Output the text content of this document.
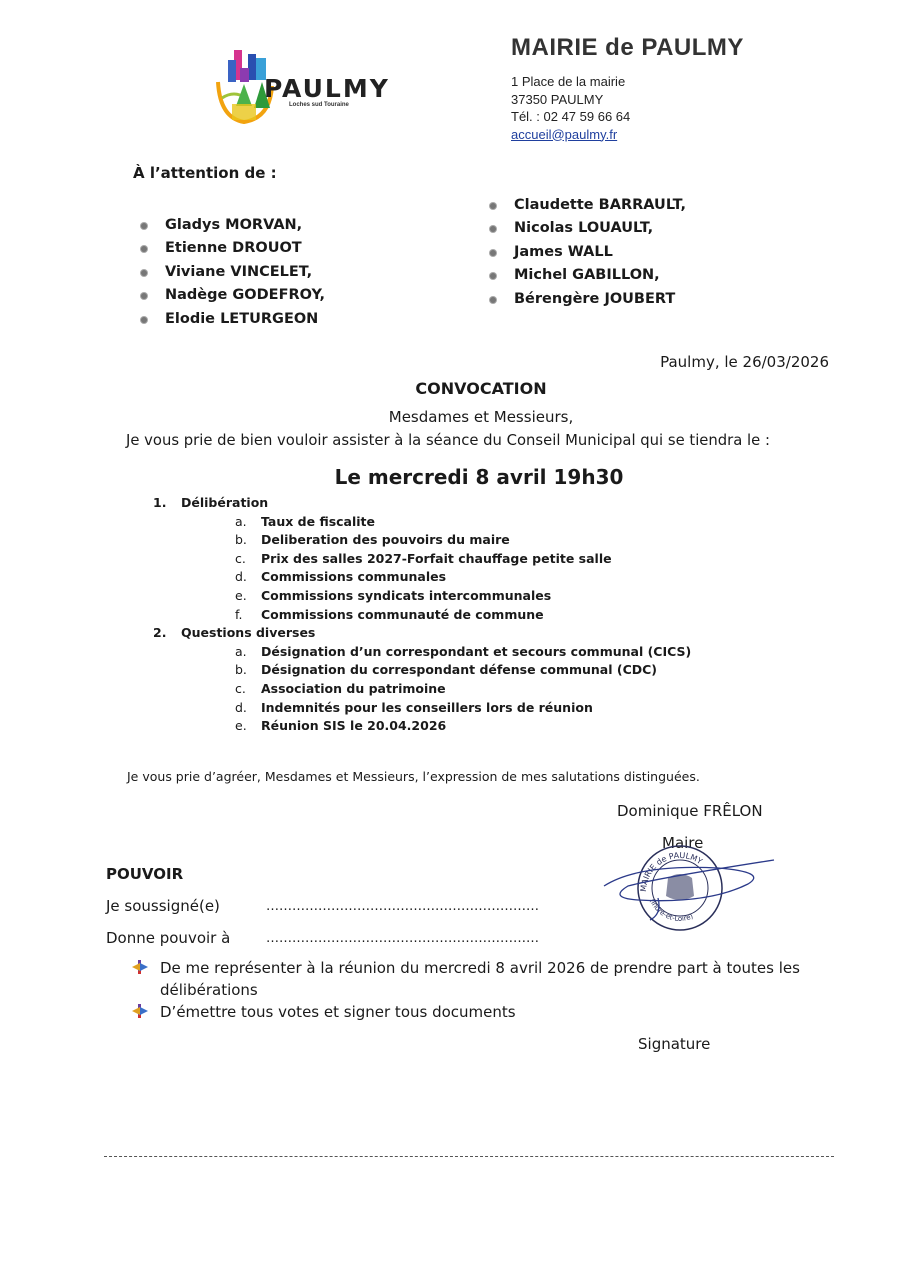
PAULMY
Loches sud Touraine
MAIRIE de PAULMY
1 Place de la mairie
37350 PAULMY
Tél. : 02 47 59 66 64
accueil@paulmy.fr
À l’attention de :
Gladys MORVAN,
Etienne DROUOT
Viviane VINCELET,
Nadège GODEFROY,
Elodie LETURGEON
Claudette BARRAULT,
Nicolas LOUAULT,
James WALL
Michel GABILLON,
Bérengère JOUBERT
Paulmy, le 26/03/2026
CONVOCATION
Mesdames et Messieurs,
Je vous prie de bien vouloir assister à la séance du Conseil Municipal qui se tiendra le :
Le mercredi 8 avril 19h30
1. Délibération
a. Taux de fiscalite
b. Deliberation des pouvoirs du maire
c. Prix des salles 2027-Forfait chauffage petite salle
d. Commissions communales
e. Commissions syndicats intercommunales
f. Commissions communauté de commune
2. Questions diverses
a. Désignation d’un correspondant et secours communal (CICS)
b. Désignation du correspondant défense communal (CDC)
c. Association du patrimoine
d. Indemnités pour les conseillers lors de réunion
e. Réunion SIS le 20.04.2026
Je vous prie d’agréer, Mesdames et Messieurs, l’expression de mes salutations distinguées.
Dominique FRÊLON
Maire
MAIRIE de PAULMY
(Indre-et-Loire)
POUVOIR
Je soussigné(e)	………………………………………………………
Donne pouvoir à	………………………………………………………
De me représenter à la réunion du mercredi 8 avril 2026 de prendre part à toutes les délibérations
D’émettre tous votes et signer tous documents
Signature
